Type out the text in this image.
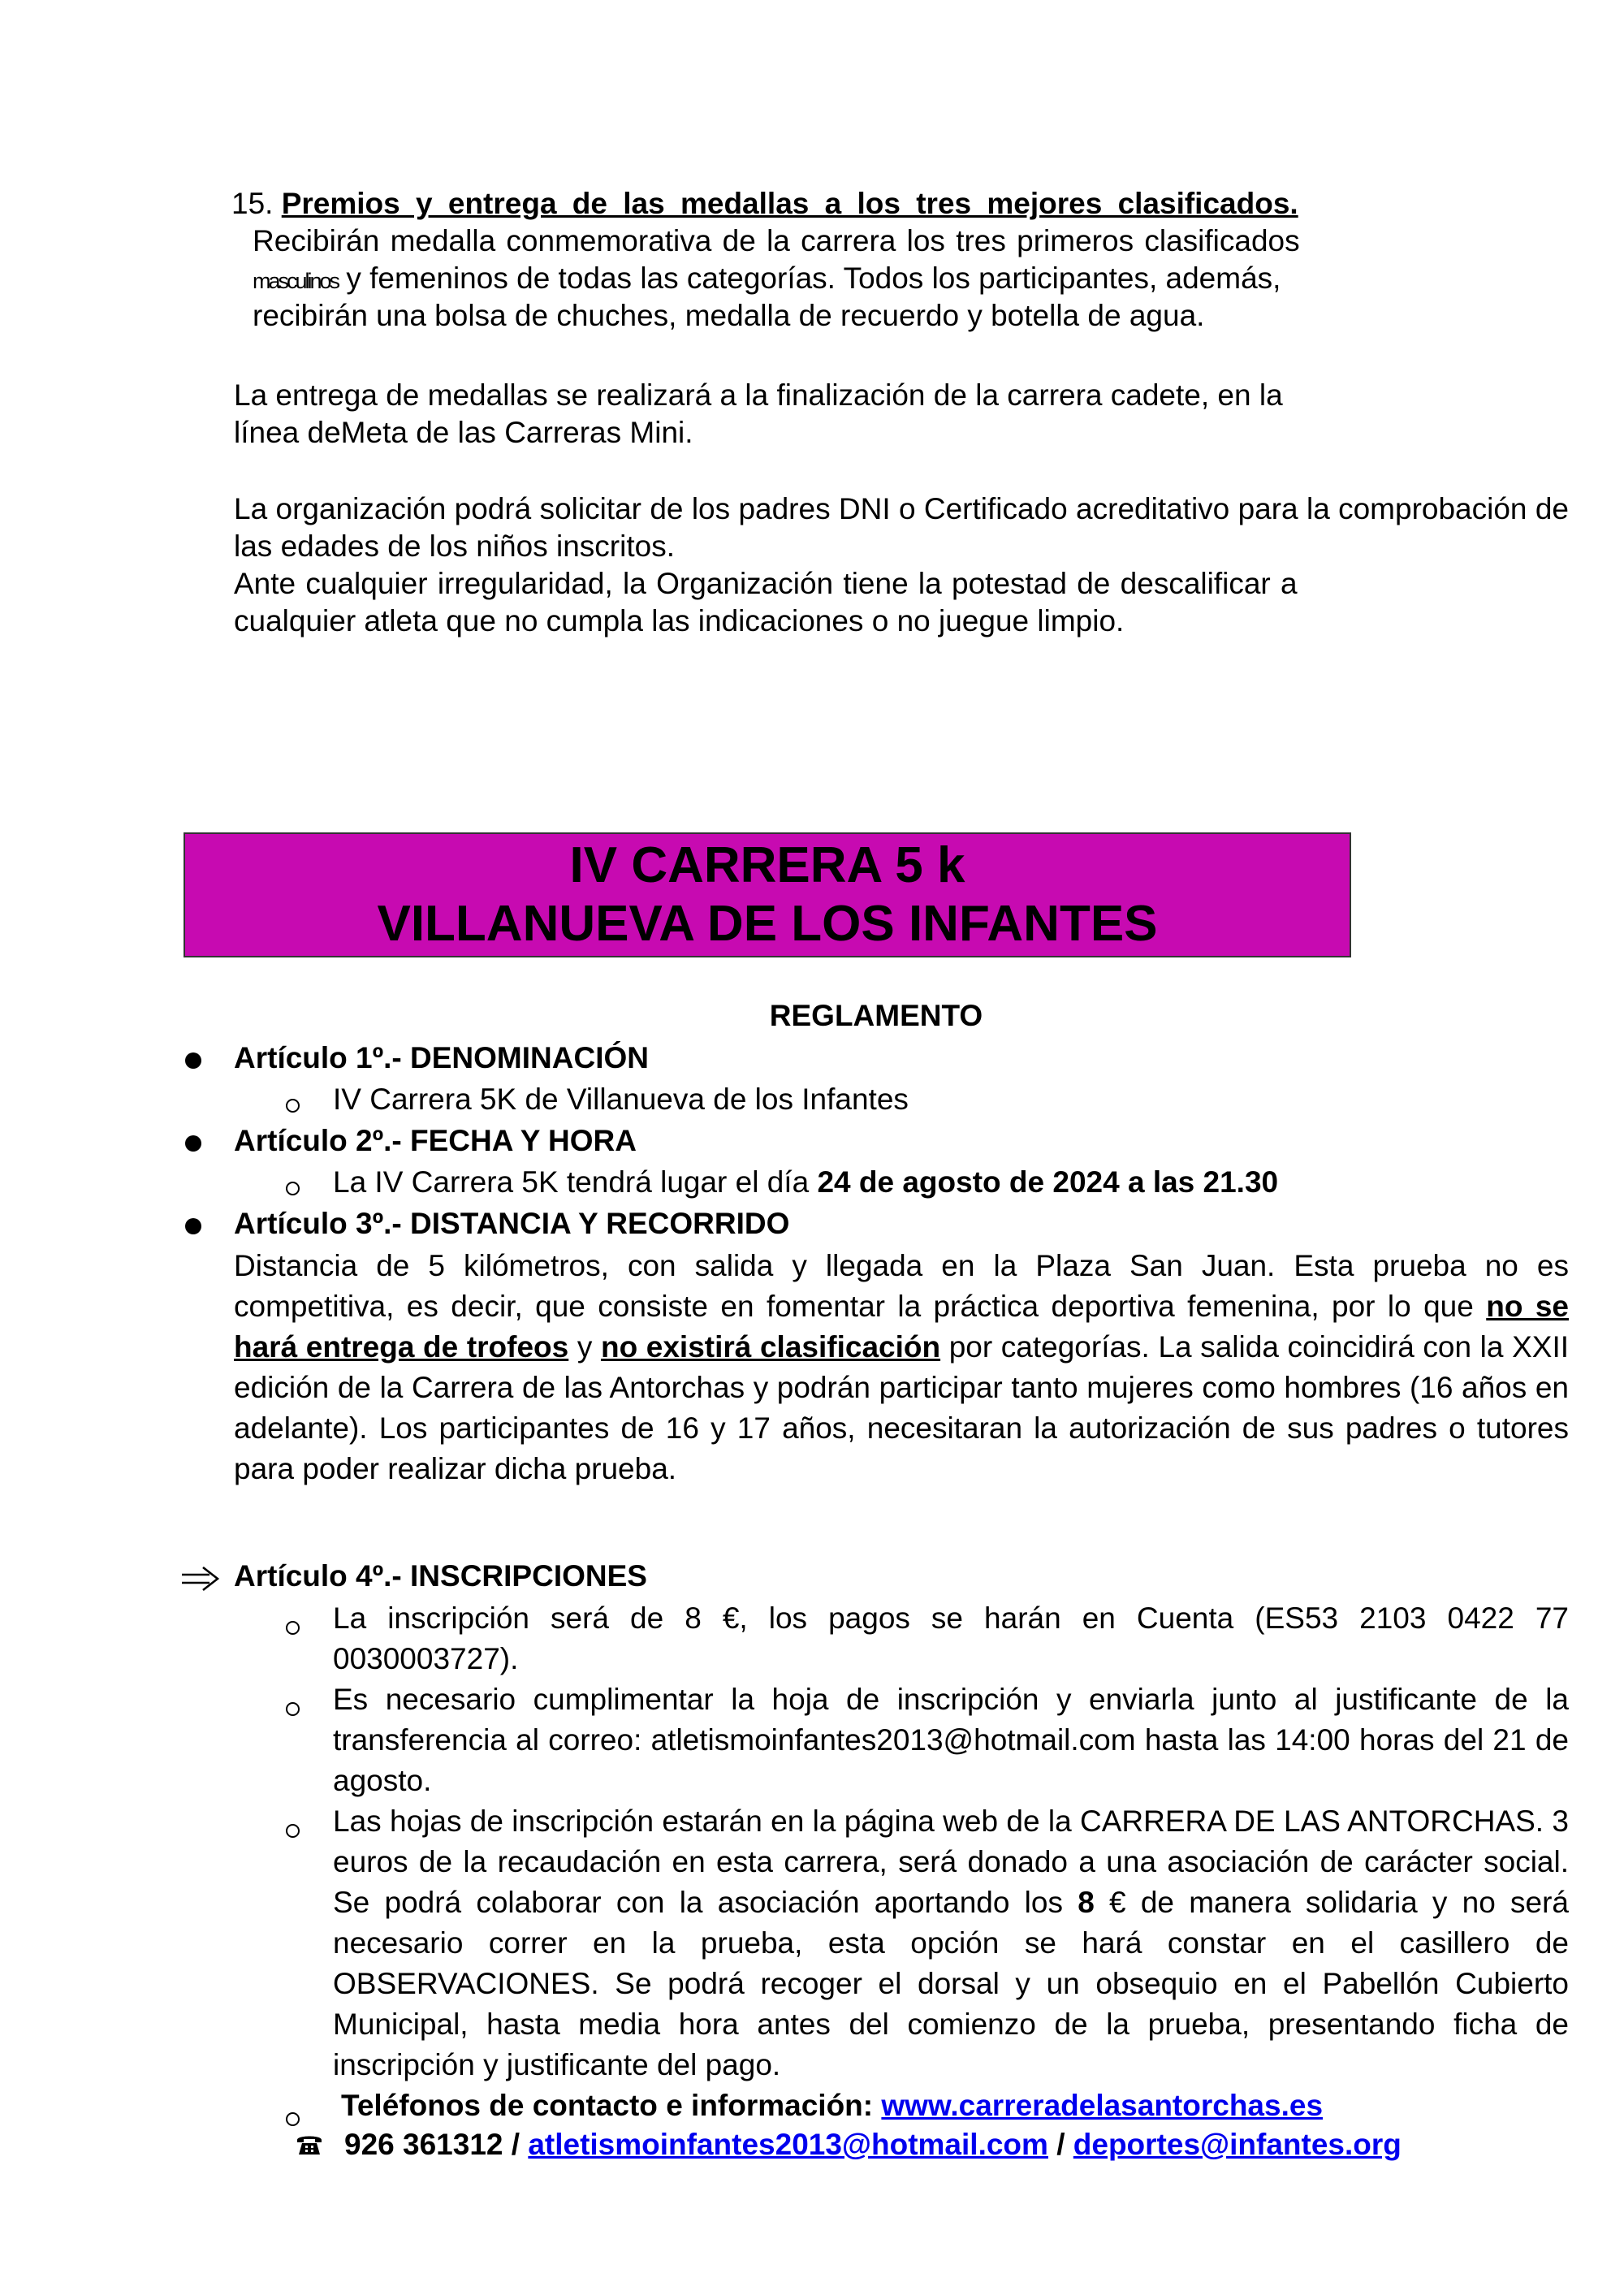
15. Premios y entrega de las medallas a los tres mejores clasificados.
Recibirán medalla conmemorativa de la carrera los tres primeros clasificados
masculinos y femeninos de todas las categorías. Todos los participantes, además,
recibirán una bolsa de chuches, medalla de recuerdo y botella de agua.
La entrega de medallas se realizará a la finalización de la carrera cadete, en la
línea deMeta de las Carreras Mini.
La organización podrá solicitar de los padres DNI o Certificado acreditativo para la comprobación de las edades de los niños inscritos.
Ante cualquier irregularidad, la Organización tiene la potestad de descalificar a
cualquier atleta que no cumpla las indicaciones o no juegue limpio.
IV CARRERA 5 k
VILLANUEVA DE LOS INFANTES
REGLAMENTO
Artículo 1º.- DENOMINACIÓN
IV Carrera 5K de Villanueva de los Infantes
Artículo 2º.- FECHA Y HORA
La IV Carrera 5K tendrá lugar el día 24 de agosto de 2024 a las 21.30
Artículo 3º.- DISTANCIA Y RECORRIDO
Distancia de 5 kilómetros, con salida y llegada en la Plaza San Juan. Esta prueba no es competitiva, es decir, que consiste en fomentar la práctica deportiva femenina, por lo que no se hará entrega de trofeos y no existirá clasificación por categorías. La salida coincidirá con la XXII edición de la Carrera de las Antorchas y podrán participar tanto mujeres como hombres (16 años en adelante). Los participantes de 16 y 17 años, necesitaran la autorización de sus padres o tutores para poder realizar dicha prueba.
Artículo 4º.- INSCRIPCIONES
La inscripción será de 8 €, los pagos se harán en Cuenta (ES53 2103 0422 77 0030003727).
Es necesario cumplimentar la hoja de inscripción y enviarla junto al justificante de la transferencia al correo: atletismoinfantes2013@hotmail.com hasta las 14:00 horas del 21 de agosto.
Las hojas de inscripción estarán en la página web de la CARRERA DE LAS ANTORCHAS. 3 euros de la recaudación en esta carrera, será donado a una asociación de carácter social. Se podrá colaborar con la asociación aportando los 8 € de manera solidaria y no será necesario correr en la prueba, esta opción se hará constar en el casillero de OBSERVACIONES. Se podrá recoger el dorsal y un obsequio en el Pabellón Cubierto Municipal, hasta media hora antes del comienzo de la prueba, presentando ficha de inscripción y justificante del pago.
Teléfonos de contacto e información: www.carreradelasantorchas.es
926 361312 / atletismoinfantes2013@hotmail.com / deportes@infantes.org
